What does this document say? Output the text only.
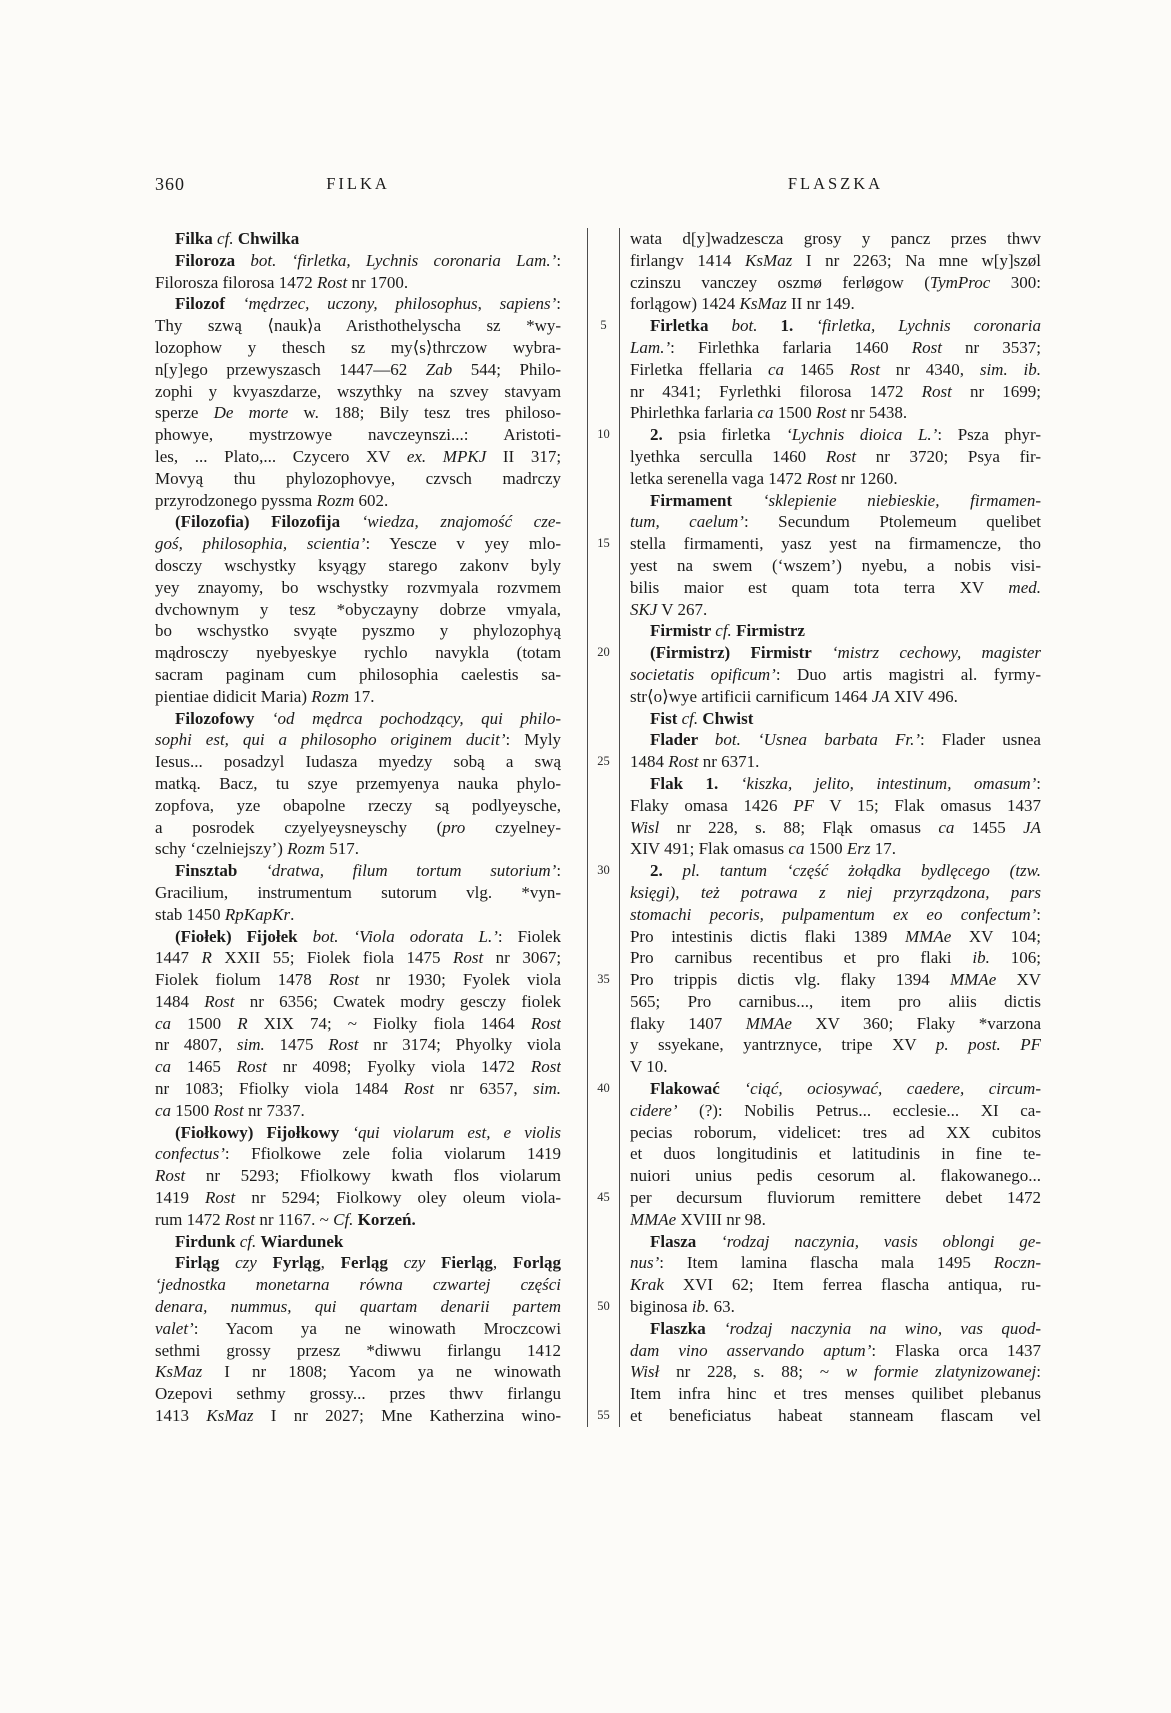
360	FILKA	FLASZKA
Filka cf. Chwilka
Filoroza bot. ‘firletka, Lychnis coronaria Lam.’:
Filorosza filorosa 1472 Rost nr 1700.
Filozof ‘mędrzec, uczony, philosophus, sapiens’:
Thy szwą ⟨nauk⟩a Aristhothelyscha sz *wy-
lozophow y thesch sz my⟨s⟩thrczow wybra-
n[y]ego przewyszasch 1447—62 Zab 544; Philo-
zophi y kvyaszdarze, wszythky na szvey stavyam
sperze De morte w. 188; Bily tesz tres philoso-
phowye, mystrzowye navczeynszi...: Aristoti-
les, ... Plato,... Czycero XV ex. MPKJ II 317;
Movyą thu phylozophovye, czvsch madrczy
przyrodzonego pyssma Rozm 602.
(Filozofia) Filozofija ‘wiedza, znajomość cze-
goś, philosophia, scientia’: Yescze v yey mlo-
dosczy wschystky ksyągy starego zakonv byly
yey znayomy, bo wschystky rozvmyala rozvmem
dvchownym y tesz *obyczayny dobrze vmyala,
bo wschystko svyąte pyszmo y phylozophyą
mądrosczy nyebyeskye rychlo navykla (totam
sacram paginam cum philosophia caelestis sa-
pientiae didicit Maria) Rozm 17.
Filozofowy ‘od mędrca pochodzący, qui philo-
sophi est, qui a philosopho originem ducit’: Myly
Iesus... posadzyl Iudasza myedzy sobą a swą
matką. Bacz, tu szye przemyenya nauka phylo-
zopfova, yze obapolne rzeczy są podlyeysche,
a posrodek czyelyeysneyschy (pro czyelney-
schy ‘czelniejszy’) Rozm 517.
Finsztab ‘dratwa, filum tortum sutorium’:
Gracilium, instrumentum sutorum vlg. *vyn-
stab 1450 RpKapKr.
(Fiołek) Fijołek bot. ‘Viola odorata L.’: Fiolek
1447 R XXII 55; Fiolek fiola 1475 Rost nr 3067;
Fiolek fiolum 1478 Rost nr 1930; Fyolek viola
1484 Rost nr 6356; Cwatek modry gesczy fiolek
ca 1500 R XIX 74; ~ Fiolky fiola 1464 Rost
nr 4807, sim. 1475 Rost nr 3174; Phyolky viola
ca 1465 Rost nr 4098; Fyolky viola 1472 Rost
nr 1083; Ffiolky viola 1484 Rost nr 6357, sim.
ca 1500 Rost nr 7337.
(Fiołkowy) Fijołkowy ‘qui violarum est, e violis
confectus’: Ffiolkowe zele folia violarum 1419
Rost nr 5293; Ffiolkowy kwath flos violarum
1419 Rost nr 5294; Fiolkowy oley oleum viola-
rum 1472 Rost nr 1167. ~ Cf. Korzeń.
Firdunk cf. Wiardunek
Firląg czy Fyrląg, Ferląg czy Fierląg, Forląg
‘jednostka monetarna równa czwartej części
denara, nummus, qui quartam denarii partem
valet’: Yacom ya ne winowath Mroczcowi
sethmi grossy przesz *diwwu firlangu 1412
KsMaz I nr 1808; Yacom ya ne winowath
Ozepovi sethmy grossy... przes thwv firlangu
1413 KsMaz I nr 2027; Mne Katherzina wino-
5
10
15
20
25
30
35
40
45
50
55
wata d[y]wadzescza grosy y pancz przes thwv
firlangv 1414 KsMaz I nr 2263; Na mne w[y]szøl
czinszu vanczey oszmø ferløgow (TymProc 300:
forlągow) 1424 KsMaz II nr 149.
Firletka bot. 1. ‘firletka, Lychnis coronaria
Lam.’: Firlethka farlaria 1460 Rost nr 3537;
Firletka ffellaria ca 1465 Rost nr 4340, sim. ib.
nr 4341; Fyrlethki filorosa 1472 Rost nr 1699;
Phirlethka farlaria ca 1500 Rost nr 5438.
2. psia firletka ‘Lychnis dioica L.’: Psza phyr-
lyethka serculla 1460 Rost nr 3720; Psya fir-
letka serenella vaga 1472 Rost nr 1260.
Firmament ‘sklepienie niebieskie, firmamen-
tum, caelum’: Secundum Ptolemeum quelibet
stella firmamenti, yasz yest na firmamencze, tho
yest na swem (‘wszem’) nyebu, a nobis visi-
bilis maior est quam tota terra XV med.
SKJ V 267.
Firmistr cf. Firmistrz
(Firmistrz) Firmistr ‘mistrz cechowy, magister
societatis opificum’: Duo artis magistri al. fyrmy-
str⟨o⟩wye artificii carnificum 1464 JA XIV 496.
Fist cf. Chwist
Flader bot. ‘Usnea barbata Fr.’: Flader usnea
1484 Rost nr 6371.
Flak 1. ‘kiszka, jelito, intestinum, omasum’:
Flaky omasa 1426 PF V 15; Flak omasus 1437
Wisl nr 228, s. 88; Fląk omasus ca 1455 JA
XIV 491; Flak omasus ca 1500 Erz 17.
2. pl. tantum ‘część żołądka bydlęcego (tzw.
księgi), też potrawa z niej przyrządzona, pars
stomachi pecoris, pulpamentum ex eo confectum’:
Pro intestinis dictis flaki 1389 MMAe XV 104;
Pro carnibus recentibus et pro flaki ib. 106;
Pro trippis dictis vlg. flaky 1394 MMAe XV
565; Pro carnibus..., item pro aliis dictis
flaky 1407 MMAe XV 360; Flaky *varzona
y ssyekane, yantrznyce, tripe XV p. post. PF
V 10.
Flakować ‘ciąć, ociosywać, caedere, circum-
cidere’ (?): Nobilis Petrus... ecclesie... XI ca-
pecias roborum, videlicet: tres ad XX cubitos
et duos longitudinis et latitudinis in fine te-
nuiori unius pedis cesorum al. flakowanego...
per decursum fluviorum remittere debet 1472
MMAe XVIII nr 98.
Flasza ‘rodzaj naczynia, vasis oblongi ge-
nus’: Item lamina flascha mala 1495 Roczn-
Krak XVI 62; Item ferrea flascha antiqua, ru-
biginosa ib. 63.
Flaszka ‘rodzaj naczynia na wino, vas quod-
dam vino asservando aptum’: Flaska orca 1437
Wisł nr 228, s. 88; ~ w formie zlatynizowanej:
Item infra hinc et tres menses quilibet plebanus
et beneficiatus habeat stanneam flascam vel
